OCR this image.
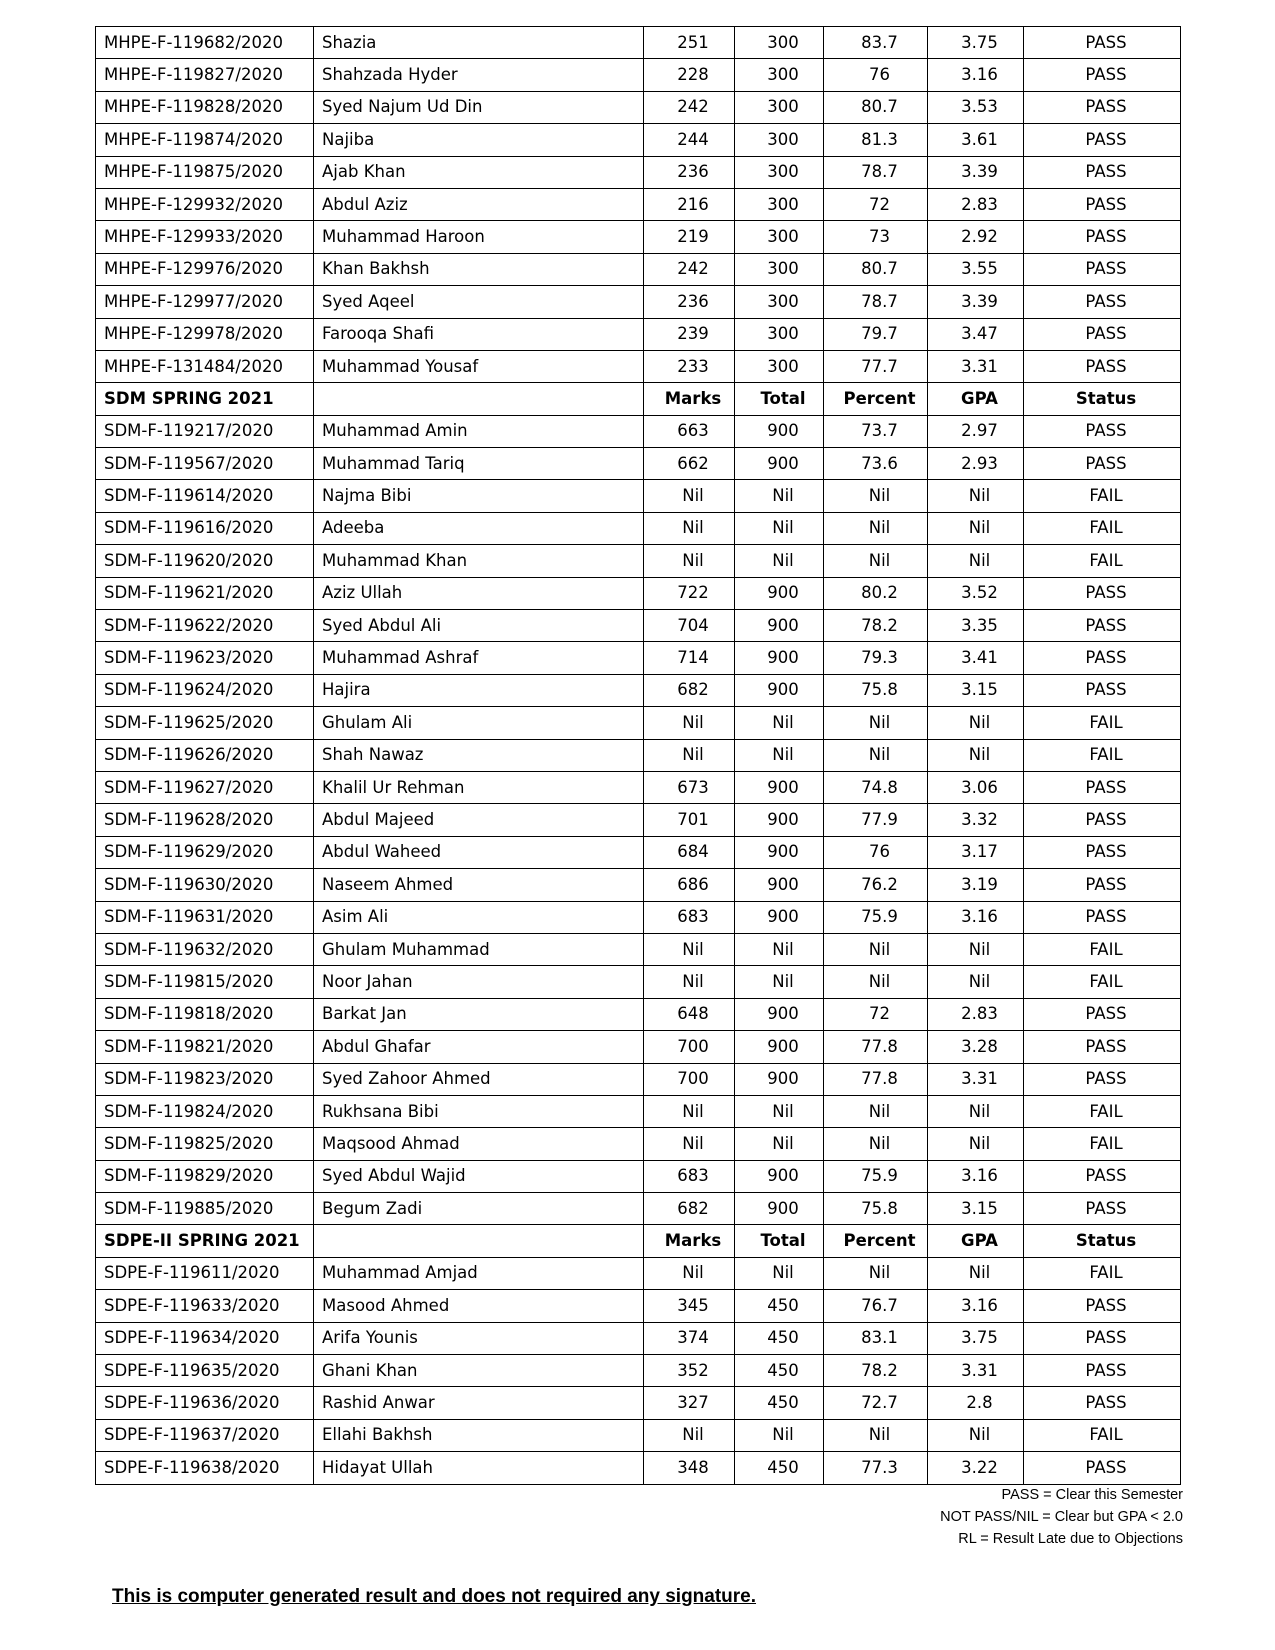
MHPE-F-119682/2020	Shazia	251	300	83.7	3.75	PASS
MHPE-F-119827/2020	Shahzada Hyder	228	300	76	3.16	PASS
MHPE-F-119828/2020	Syed Najum Ud Din	242	300	80.7	3.53	PASS
MHPE-F-119874/2020	Najiba	244	300	81.3	3.61	PASS
MHPE-F-119875/2020	Ajab Khan	236	300	78.7	3.39	PASS
MHPE-F-129932/2020	Abdul Aziz	216	300	72	2.83	PASS
MHPE-F-129933/2020	Muhammad Haroon	219	300	73	2.92	PASS
MHPE-F-129976/2020	Khan Bakhsh	242	300	80.7	3.55	PASS
MHPE-F-129977/2020	Syed Aqeel	236	300	78.7	3.39	PASS
MHPE-F-129978/2020	Farooqa Shafi	239	300	79.7	3.47	PASS
MHPE-F-131484/2020	Muhammad Yousaf	233	300	77.7	3.31	PASS
SDM SPRING 2021		Marks	Total	Percent	GPA	Status
SDM-F-119217/2020	Muhammad Amin	663	900	73.7	2.97	PASS
SDM-F-119567/2020	Muhammad Tariq	662	900	73.6	2.93	PASS
SDM-F-119614/2020	Najma Bibi	Nil	Nil	Nil	Nil	FAIL
SDM-F-119616/2020	Adeeba	Nil	Nil	Nil	Nil	FAIL
SDM-F-119620/2020	Muhammad Khan	Nil	Nil	Nil	Nil	FAIL
SDM-F-119621/2020	Aziz Ullah	722	900	80.2	3.52	PASS
SDM-F-119622/2020	Syed Abdul Ali	704	900	78.2	3.35	PASS
SDM-F-119623/2020	Muhammad Ashraf	714	900	79.3	3.41	PASS
SDM-F-119624/2020	Hajira	682	900	75.8	3.15	PASS
SDM-F-119625/2020	Ghulam Ali	Nil	Nil	Nil	Nil	FAIL
SDM-F-119626/2020	Shah Nawaz	Nil	Nil	Nil	Nil	FAIL
SDM-F-119627/2020	Khalil Ur Rehman	673	900	74.8	3.06	PASS
SDM-F-119628/2020	Abdul Majeed	701	900	77.9	3.32	PASS
SDM-F-119629/2020	Abdul Waheed	684	900	76	3.17	PASS
SDM-F-119630/2020	Naseem Ahmed	686	900	76.2	3.19	PASS
SDM-F-119631/2020	Asim Ali	683	900	75.9	3.16	PASS
SDM-F-119632/2020	Ghulam Muhammad	Nil	Nil	Nil	Nil	FAIL
SDM-F-119815/2020	Noor Jahan	Nil	Nil	Nil	Nil	FAIL
SDM-F-119818/2020	Barkat Jan	648	900	72	2.83	PASS
SDM-F-119821/2020	Abdul Ghafar	700	900	77.8	3.28	PASS
SDM-F-119823/2020	Syed Zahoor Ahmed	700	900	77.8	3.31	PASS
SDM-F-119824/2020	Rukhsana Bibi	Nil	Nil	Nil	Nil	FAIL
SDM-F-119825/2020	Maqsood Ahmad	Nil	Nil	Nil	Nil	FAIL
SDM-F-119829/2020	Syed Abdul Wajid	683	900	75.9	3.16	PASS
SDM-F-119885/2020	Begum Zadi	682	900	75.8	3.15	PASS
SDPE-II SPRING 2021		Marks	Total	Percent	GPA	Status
SDPE-F-119611/2020	Muhammad Amjad	Nil	Nil	Nil	Nil	FAIL
SDPE-F-119633/2020	Masood Ahmed	345	450	76.7	3.16	PASS
SDPE-F-119634/2020	Arifa Younis	374	450	83.1	3.75	PASS
SDPE-F-119635/2020	Ghani Khan	352	450	78.2	3.31	PASS
SDPE-F-119636/2020	Rashid Anwar	327	450	72.7	2.8	PASS
SDPE-F-119637/2020	Ellahi Bakhsh	Nil	Nil	Nil	Nil	FAIL
SDPE-F-119638/2020	Hidayat Ullah	348	450	77.3	3.22	PASS
PASS = Clear this Semester
NOT PASS/NIL = Clear but GPA < 2.0
RL = Result Late due to Objections
This is computer generated result and does not required any signature.
